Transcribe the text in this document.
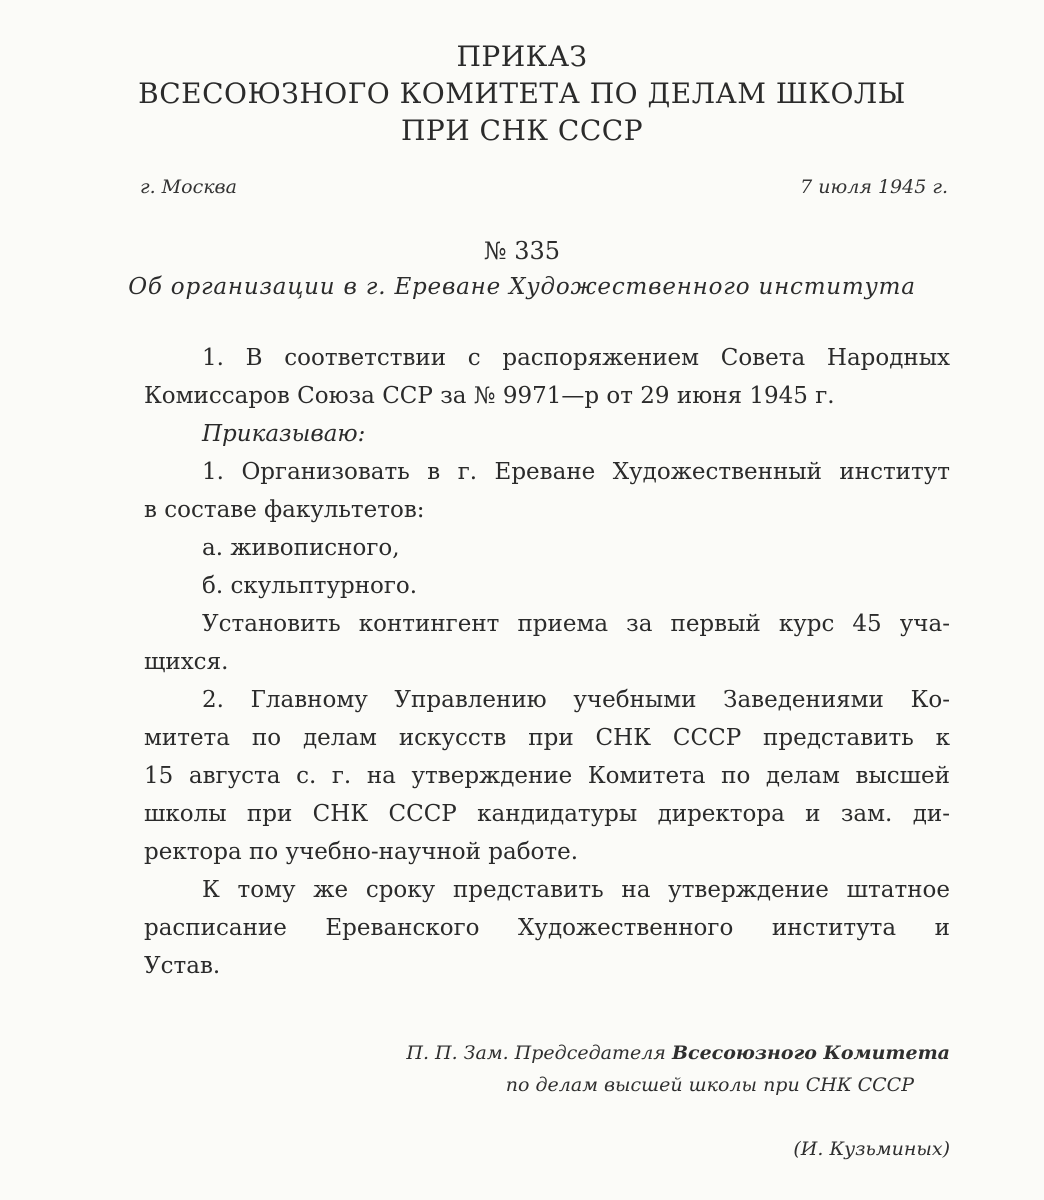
ПРИКАЗ
ВСЕСОЮЗНОГО КОМИТЕТА ПО ДЕЛАМ ШКОЛЫ
ПРИ СНК СССР
г. Москва	7 июля 1945 г.
№ 335
Об организации в г. Ереване Художественного института
1. В соответствии с распоряжением Совета Народных
Комиссаров Союза ССР за № 9971—р от 29 июня 1945 г.
Приказываю:
1. Организовать в г. Ереване Художественный институт
в составе факультетов:
а. живописного,
б. скульптурного.
Установить контингент приема за первый курс 45 уча-
щихся.
2. Главному Управлению учебными Заведениями Ко-
митета по делам искусств при СНК СССР представить к
15 августа с. г. на утверждение Комитета по делам высшей
школы при СНК СССР кандидатуры директора и зам. ди-
ректора по учебно-научной работе.
К тому же сроку представить на утверждение штатное
расписание Ереванского Художественного института и
Устав.
П. П. Зам. Председателя Всесоюзного Комитета
по делам высшей школы при СНК СССР
(И. Кузьминых)
